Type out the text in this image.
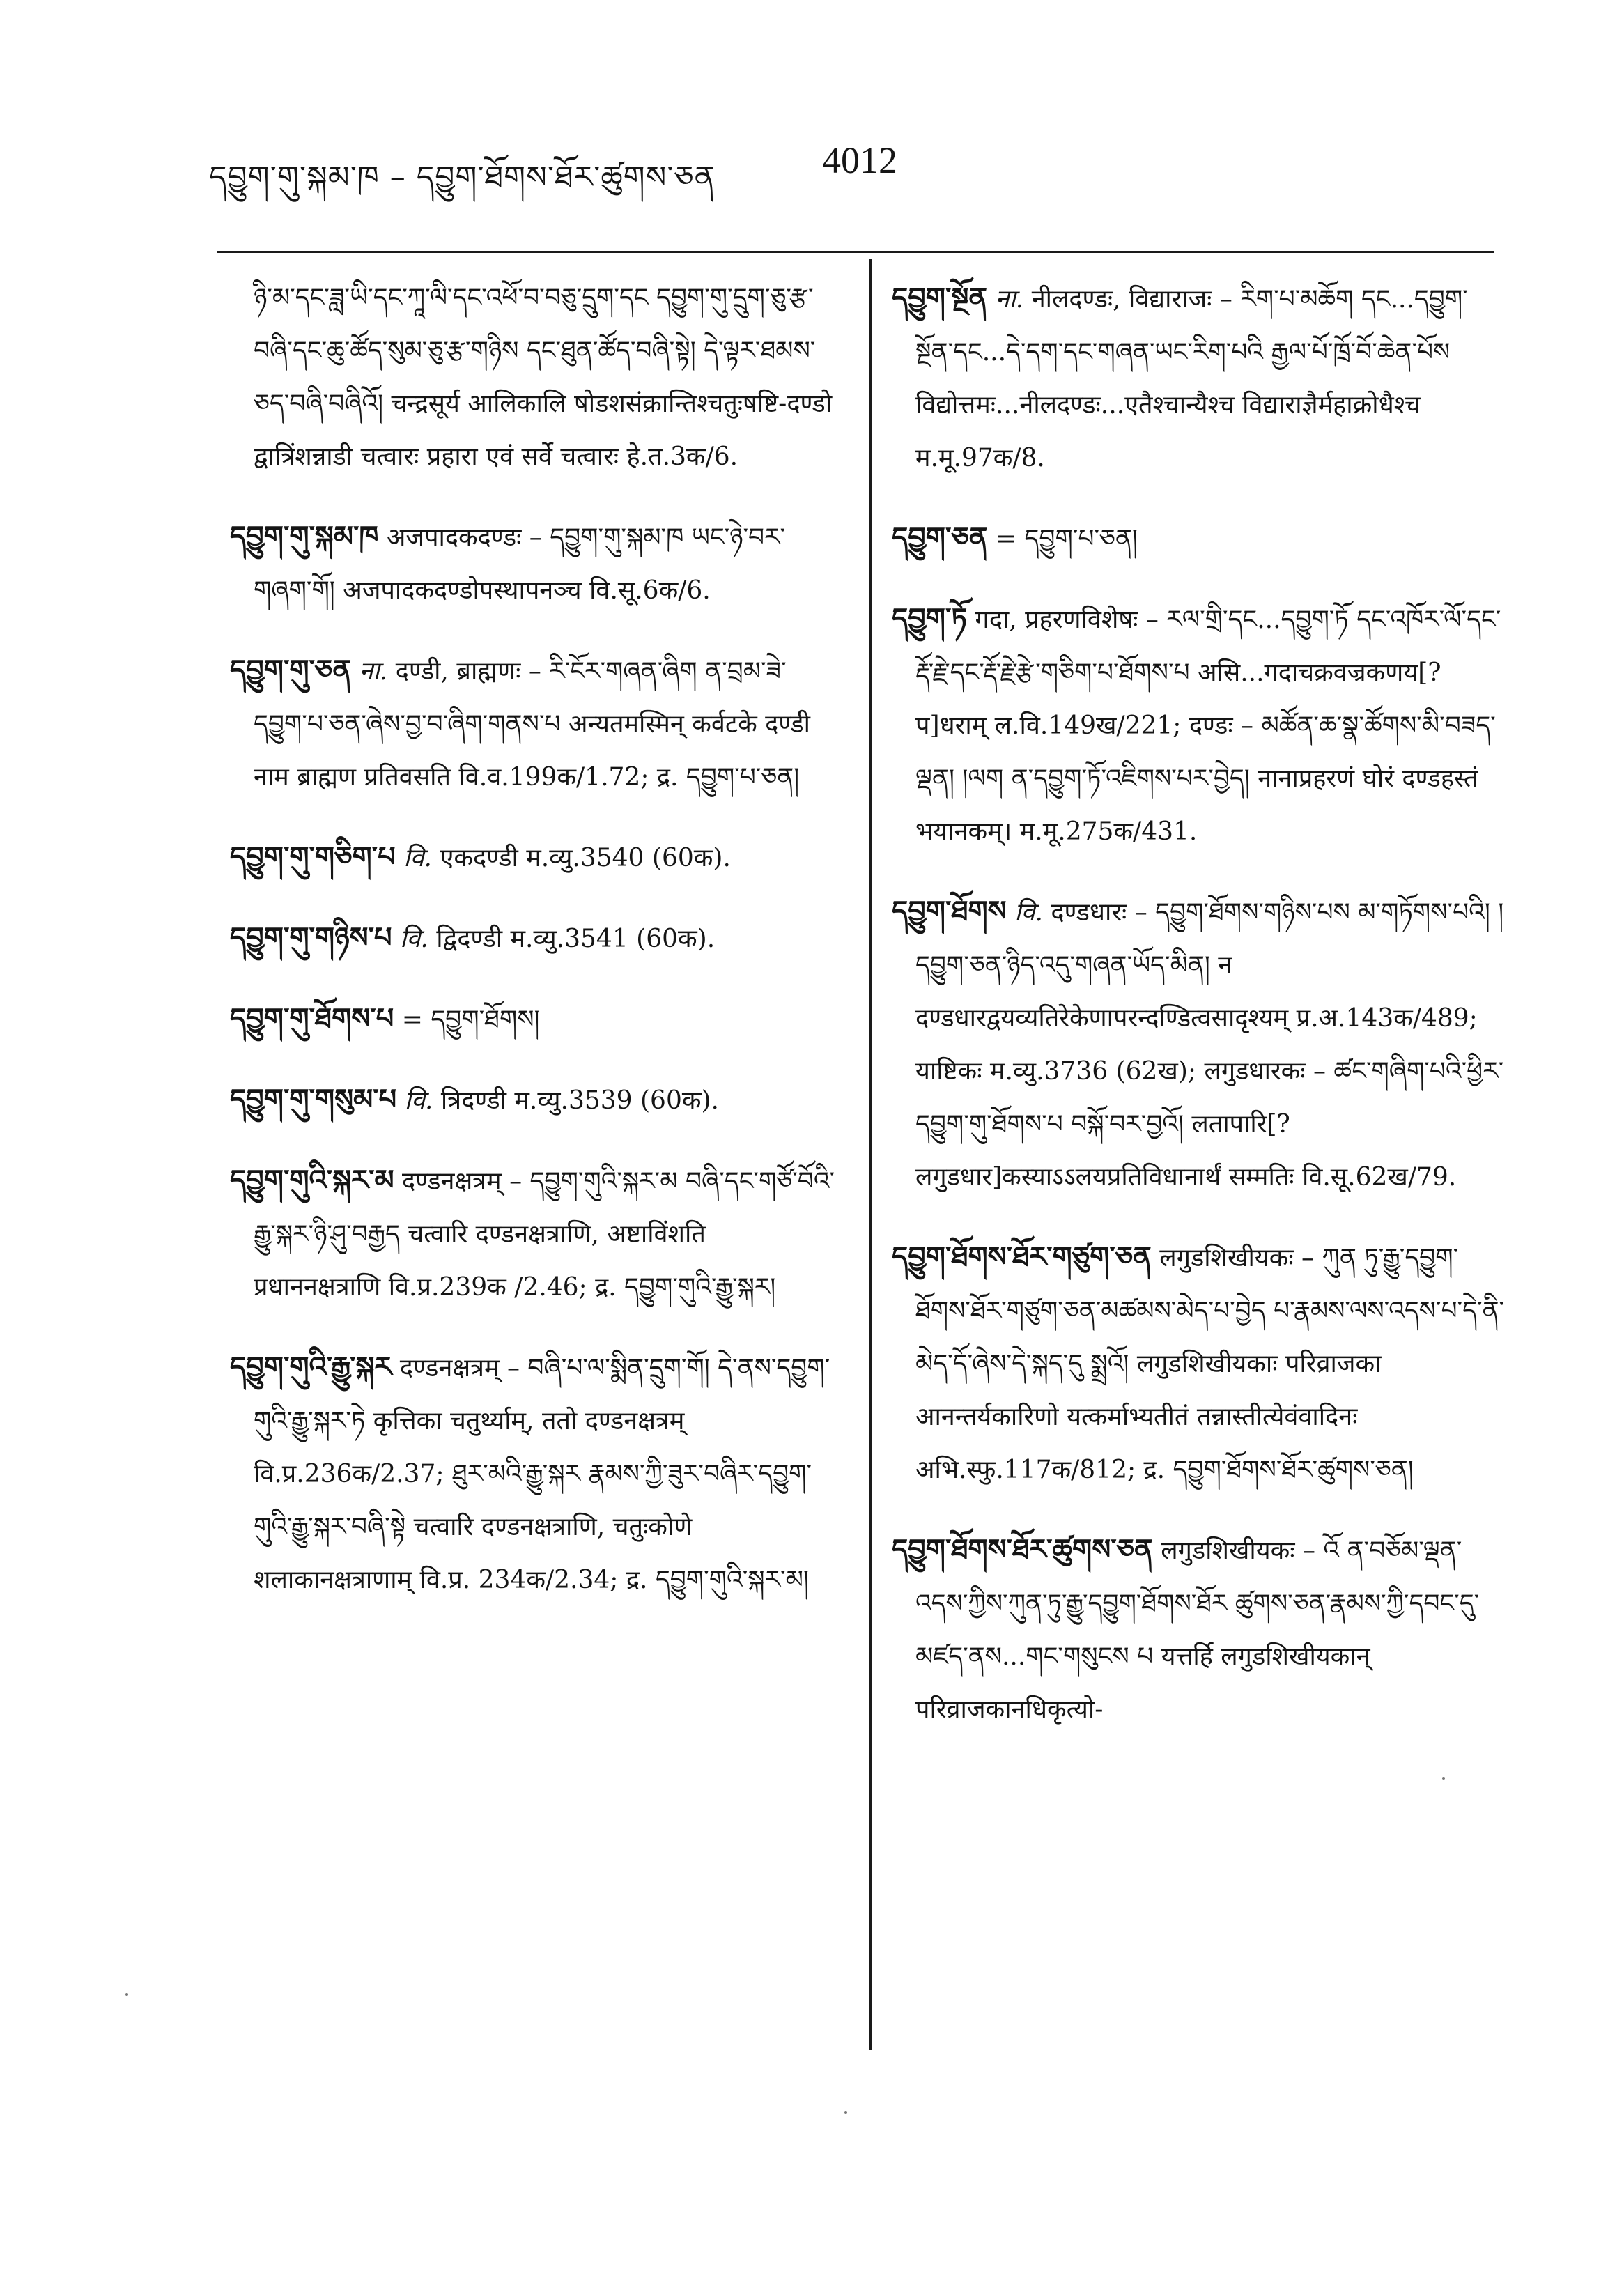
དབྱུག་གུ་སྐམ་ཁ – དབྱུག་ཐོགས་ཐོར་ཚུགས་ཅན	4012

ཉི་མ་དང་ཟླ་ཡི་དང་ཀཱ་ལི་དང་འཕོ་བ་བཅུ་དྲུག་དང དབྱུག་གུ་དྲུག་ཅུ་རྩ་བཞི་དང་ཆུ་ཚོད་སུམ་ཅུ་རྩ་གཉིས དང་ཐུན་ཚོད་བཞི་སྟེ། དེ་ལྟར་ཐམས་ཅད་བཞི་བཞིའོ། चन्द्रसूर्य आलिकालि षोडशसंक्रान्तिश्चतुःषष्टि-दण्डो द्वात्रिंशन्नाडी चत्वारः प्रहारा एवं सर्वे चत्वारः हे.त.3क/6.

དབྱུག་གུ་སྐམ་ཁ अजपादकदण्डः – དབྱུག་གུ་སྐམ་ཁ ཡང་ཉེ་བར་གཞག་གོ། अजपादकदण्डोपस्थापनञ्च वि.सू.6क/6.

དབྱུག་གུ་ཅན ना. दण्डी, ब्राह्मणः – རི་ངོར་གཞན་ཞིག ན་བྲམ་ཟེ་དབྱུག་པ་ཅན་ཞེས་བྱ་བ་ཞིག་གནས་པ अन्यतमस्मिन् कर्वटके दण्डी नाम ब्राह्मण प्रतिवसति वि.व.199क/1.72; द्र. དབྱུག་པ་ཅན།

དབྱུག་གུ་གཅིག་པ वि. एकदण्डी म.व्यु.3540 (60क).

དབྱུག་གུ་གཉིས་པ वि. द्विदण्डी म.व्यु.3541 (60क).

དབྱུག་གུ་ཐོགས་པ = དབྱུག་ཐོགས།

དབྱུག་གུ་གསུམ་པ वि. त्रिदण्डी म.व्यु.3539 (60क).

དབྱུག་གུའི་སྐར་མ दण्डनक्षत्रम् – དབྱུག་གུའི་སྐར་མ བཞི་དང་གཙོ་བོའི་རྒྱུ་སྐར་ཉི་ཤུ་བརྒྱད चत्वारि दण्डनक्षत्राणि, अष्टाविंशति प्रधाननक्षत्राणि वि.प्र.239क /2.46; द्र. དབྱུག་གུའི་རྒྱུ་སྐར།

དབྱུག་གུའི་རྒྱུ་སྐར दण्डनक्षत्रम् – བཞི་པ་ལ་སྨིན་དྲུག་གོ། དེ་ནས་དབྱུག་གུའི་རྒྱུ་སྐར་ཏེ कृत्तिका चतुर्थ्याम्, ततो दण्डनक्षत्रम् वि.प्र.236क/2.37; ཐུར་མའི་རྒྱུ་སྐར རྣམས་ཀྱི་ཟུར་བཞིར་དབྱུག་གུའི་རྒྱུ་སྐར་བཞི་སྟེ चत्वारि दण्डनक्षत्राणि, चतुःकोणे शलाकानक्षत्राणाम् वि.प्र. 234क/2.34; द्र. དབྱུག་གུའི་སྐར་མ།

དབྱུག་སྔོན ना. नीलदण्डः, विद्याराजः – རིག་པ་མཆོག དང...དབྱུག་སྔོན་དང...དེ་དག་དང་གཞན་ཡང་རིག་པའི རྒྱལ་པོ་ཁྲོ་བོ་ཆེན་པོས विद्योत्तमः...नीलदण्डः...एतैश्चान्यैश्च विद्याराज्ञैर्महाक्रोधैश्च म.मू.97क/8.

དབྱུག་ཅན = དབྱུག་པ་ཅན།

དབྱུག་ཏོ गदा, प्रहरणविशेषः – རལ་གྲི་དང...དབྱུག་ཏོ དང་འཁོར་ལོ་དང་རྡོ་རྗེ་དང་རྡོ་རྗེ་རྩེ་གཅིག་པ་ཐོགས་པ असि...गदाचक्रवज्रकणय[?प]धराम् ल.वि.149ख/221; दण्डः – མཚོན་ཆ་སྣ་ཚོགས་མི་བཟད་ལྡན། །ལག ན་དབྱུག་ཏོ་འཇིགས་པར་བྱེད། नानाप्रहरणं घोरं दण्डहस्तं भयानकम्। म.मू.275क/431.

དབྱུག་ཐོགས वि. दण्डधारः – དབྱུག་ཐོགས་གཉིས་པས མ་གཏོགས་པའི། །དབྱུག་ཅན་ཉིད་འདུ་གཞན་ཡོད་མིན། न दण्डधारद्वयव्यतिरेकेणापरन्दण्डित्वसादृश्यम् प्र.अ.143क/489; याष्टिकः म.व्यु.3736 (62ख); लगुडधारकः – ཚང་གཞིག་པའི་ཕྱིར་དབྱུག་གུ་ཐོགས་པ བསྐོ་བར་བྱའོ། लतापारि[?लगुडधार]कस्याऽऽलयप्रतिविधानार्थं सम्मतिः वि.सू.62ख/79.

དབྱུག་ཐོགས་ཐོར་གཙུག་ཅན लगुडशिखीयकः – ཀུན ཏུ་རྒྱུ་དབྱུག་ཐོགས་ཐོར་གཙུག་ཅན་མཚམས་མེད་པ་བྱེད པ་རྣམས་ལས་འདས་པ་དེ་ནི་མེད་དོ་ཞེས་དེ་སྐད་དུ སྨྲའོ། लगुडशिखीयकाः परिव्राजका आनन्तर्यकारिणो यत्कर्माभ्यतीतं तन्नास्तीत्येवंवादिनः अभि.स्फु.117क/812; द्र. དབྱུག་ཐོགས་ཐོར་ཚུགས་ཅན།

དབྱུག་ཐོགས་ཐོར་ཚུགས་ཅན लगुडशिखीयकः – འོ ན་བཅོམ་ལྡན་འདས་ཀྱིས་ཀུན་ཏུ་རྒྱུ་དབྱུག་ཐོགས་ཐོར ཚུགས་ཅན་རྣམས་ཀྱི་དབང་དུ་མཛད་ནས...གང་གསུངས པ यत्तर्हि लगुडशिखीयकान् परिव्राजकानधिकृत्यो-
